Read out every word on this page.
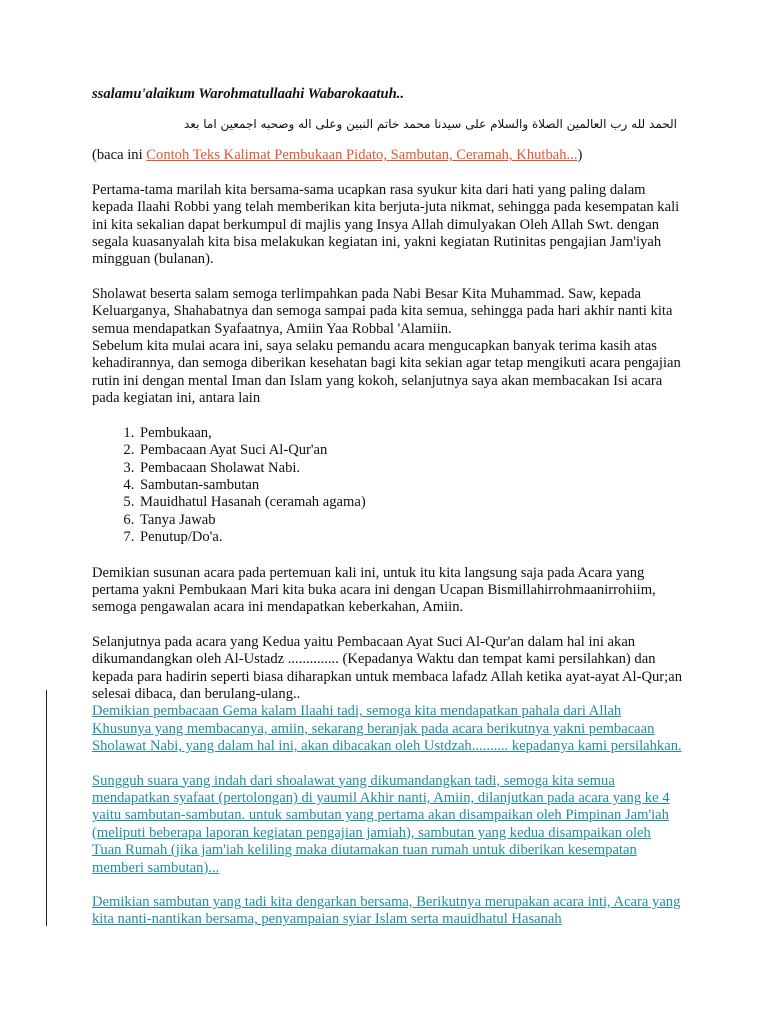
ssalamu'alaikum Warohmatullaahi Wabarokaatuh..
الحمد لله رب العالمين الصلاة والسلام على سيدنا محمد خاتم النبين وعلى اله وصحبه اجمعين اما بعد

(baca ini Contoh Teks Kalimat Pembukaan Pidato, Sambutan, Ceramah, Khutbah...)

Pertama-tama marilah kita bersama-sama ucapkan rasa syukur kita dari hati yang paling dalam kepada Ilaahi Robbi yang telah memberikan kita berjuta-juta nikmat, sehingga pada kesempatan kali ini kita sekalian dapat berkumpul di majlis yang Insya Allah dimulyakan Oleh Allah Swt. dengan segala kuasanyalah kita bisa melakukan kegiatan ini, yakni kegiatan Rutinitas pengajian Jam'iyah mingguan (bulanan).

Sholawat beserta salam semoga terlimpahkan pada Nabi Besar Kita Muhammad. Saw, kepada Keluarganya, Shahabatnya dan semoga sampai pada kita semua, sehingga pada hari akhir nanti kita semua mendapatkan Syafaatnya, Amiin Yaa Robbal 'Alamiin.

Sebelum kita mulai acara ini, saya selaku pemandu acara mengucapkan banyak terima kasih atas kehadirannya, dan semoga diberikan kesehatan bagi kita sekian agar tetap mengikuti acara pengajian rutin ini dengan mental Iman dan Islam yang kokoh, selanjutnya saya akan membacakan Isi acara pada kegiatan ini, antara lain

1. Pembukaan,
2. Pembacaan Ayat Suci Al-Qur'an
3. Pembacaan Sholawat Nabi.
4. Sambutan-sambutan
5. Mauidhatul Hasanah (ceramah agama)
6. Tanya Jawab
7. Penutup/Do'a.

Demikian susunan acara pada pertemuan kali ini, untuk itu kita langsung saja pada Acara yang pertama yakni Pembukaan Mari kita buka acara ini dengan Ucapan Bismillahirrohmaanirrohiim, semoga pengawalan acara ini mendapatkan keberkahan, Amiin.

Selanjutnya pada acara yang Kedua yaitu Pembacaan Ayat Suci Al-Qur'an dalam hal ini akan dikumandangkan oleh Al-Ustadz .............. (Kepadanya Waktu dan tempat kami persilahkan) dan kepada para hadirin seperti biasa diharapkan untuk membaca lafadz Allah ketika ayat-ayat Al-Qur;an selesai dibaca, dan berulang-ulang..

Demikian pembacaan Gema kalam Ilaahi tadi, semoga kita mendapatkan pahala dari Allah Khusunya yang membacanya, amiin, sekarang beranjak pada acara berikutnya yakni pembacaan Sholawat Nabi, yang dalam hal ini, akan dibacakan oleh Ustdzah.......... kepadanya kami persilahkan.
Sungguh suara yang indah dari shoalawat yang dikumandangkan tadi, semoga kita semua mendapatkan syafaat (pertolongan) di yaumil Akhir nanti, Amiin, dilanjutkan pada acara yang ke 4 yaitu sambutan-sambutan. untuk sambutan yang pertama akan disampaikan oleh Pimpinan Jam'iah (meliputi beberapa laporan kegiatan pengajian jamiah), sambutan yang kedua disampaikan oleh Tuan Rumah (jika jam'iah keliling maka diutamakan tuan rumah untuk diberikan kesempatan memberi sambutan)...
Demikian sambutan yang tadi kita dengarkan bersama, Berikutnya merupakan acara inti, Acara yang kita nanti-nantikan bersama, penyampaian syiar Islam serta mauidhatul Hasanah
